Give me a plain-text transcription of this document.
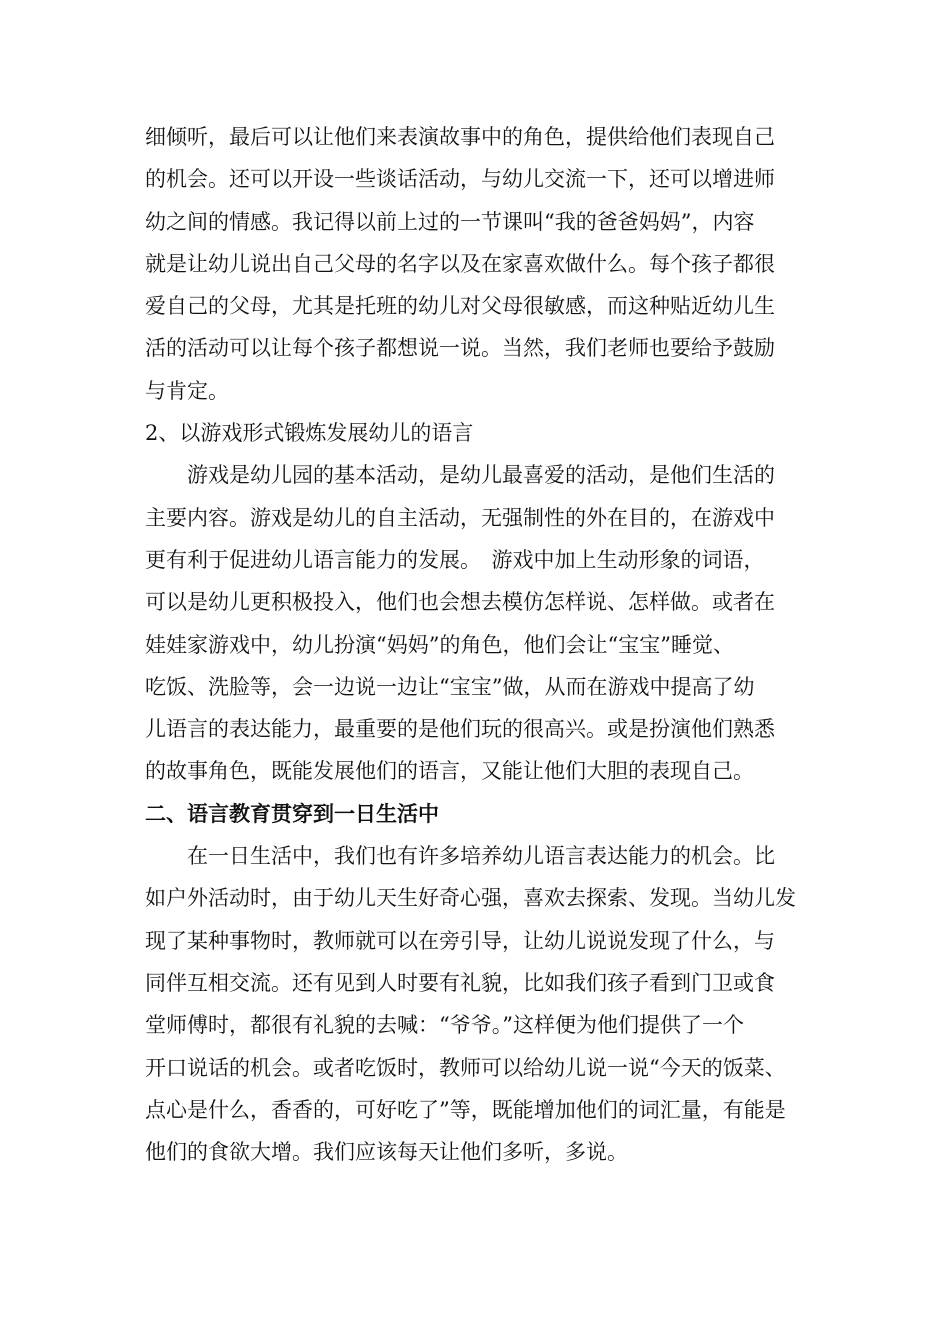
细倾听，最后可以让他们来表演故事中的角色，提供给他们表现自己
的机会。还可以开设一些谈话活动，与幼儿交流一下，还可以增进师
幼之间的情感。我记得以前上过的一节课叫“我的爸爸妈妈”，内容
就是让幼儿说出自己父母的名字以及在家喜欢做什么。每个孩子都很
爱自己的父母，尤其是托班的幼儿对父母很敏感，而这种贴近幼儿生
活的活动可以让每个孩子都想说一说。当然，我们老师也要给予鼓励
与肯定。
2、以游戏形式锻炼发展幼儿的语言
游戏是幼儿园的基本活动，是幼儿最喜爱的活动，是他们生活的
主要内容。游戏是幼儿的自主活动，无强制性的外在目的，在游戏中
更有利于促进幼儿语言能力的发展。　游戏中加上生动形象的词语，
可以是幼儿更积极投入，他们也会想去模仿怎样说、怎样做。或者在
娃娃家游戏中，幼儿扮演“妈妈”的角色，他们会让“宝宝”睡觉、
吃饭、洗脸等，会一边说一边让“宝宝”做，从而在游戏中提高了幼
儿语言的表达能力，最重要的是他们玩的很高兴。或是扮演他们熟悉
的故事角色，既能发展他们的语言，又能让他们大胆的表现自己。
二、语言教育贯穿到一日生活中
在一日生活中，我们也有许多培养幼儿语言表达能力的机会。比
如户外活动时，由于幼儿天生好奇心强，喜欢去探索、发现。当幼儿发
现了某种事物时，教师就可以在旁引导，让幼儿说说发现了什么，与
同伴互相交流。还有见到人时要有礼貌，比如我们孩子看到门卫或食
堂师傅时，都很有礼貌的去喊：“爷爷。”这样便为他们提供了一个
开口说话的机会。或者吃饭时，教师可以给幼儿说一说“今天的饭菜、
点心是什么，香香的，可好吃了”等，既能增加他们的词汇量，有能是
他们的食欲大增。我们应该每天让他们多听，多说。
